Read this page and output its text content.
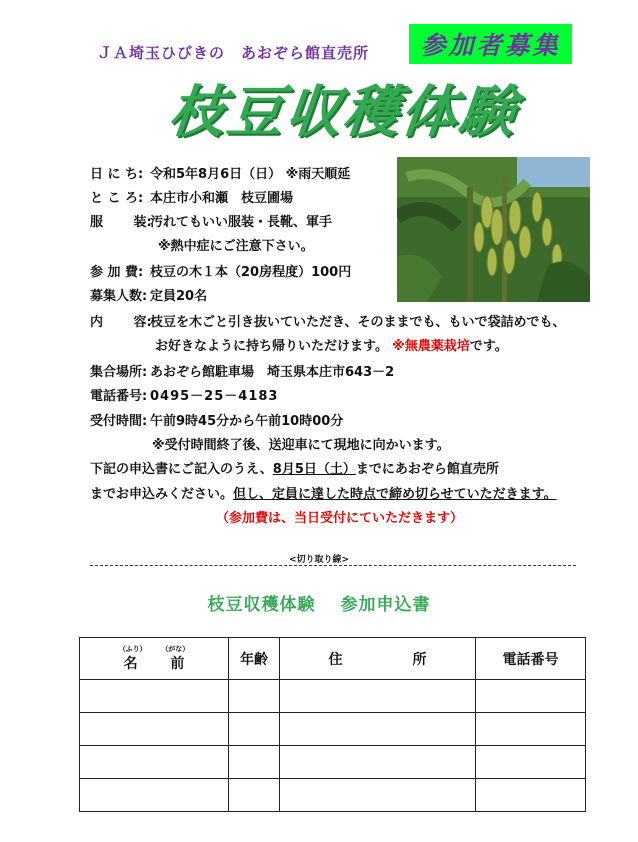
ＪＡ埼玉ひびきの　あおぞら館直売所	参加者募集
枝豆収穫体験
日 に ち: 令和5年8月6日（日） ※雨天順延
と こ ろ: 本庄市小和瀬　枝豆圃場
服　　 装:汚れてもいい服装・長靴、軍手
※熱中症にご注意下さい。
参 加 費: 枝豆の木１本（20房程度）100円
募集人数: 定員20名
内　　 容:枝豆を木ごと引き抜いていただき、そのままでも、もいで袋詰めでも、
お好きなように持ち帰りいただけます。 ※無農薬栽培です。
集合場所: あおぞら館駐車場　埼玉県本庄市643－2
電話番号: 0495－25－4183
受付時間: 午前9時45分から午前10時00分
※受付時間終了後、送迎車にて現地に向かいます。
下記の申込書にご記入のうえ、8月5日（土）までにあおぞら館直売所
までお申込みください。但し、定員に達した時点で締め切らせていただきます。
（参加費は、当日受付にていただきます）
<切り取り線>
枝豆収穫体験　 参加申込書
（ふり） （がな）
名　　 前	年齢	住　　　　　所	電話番号
